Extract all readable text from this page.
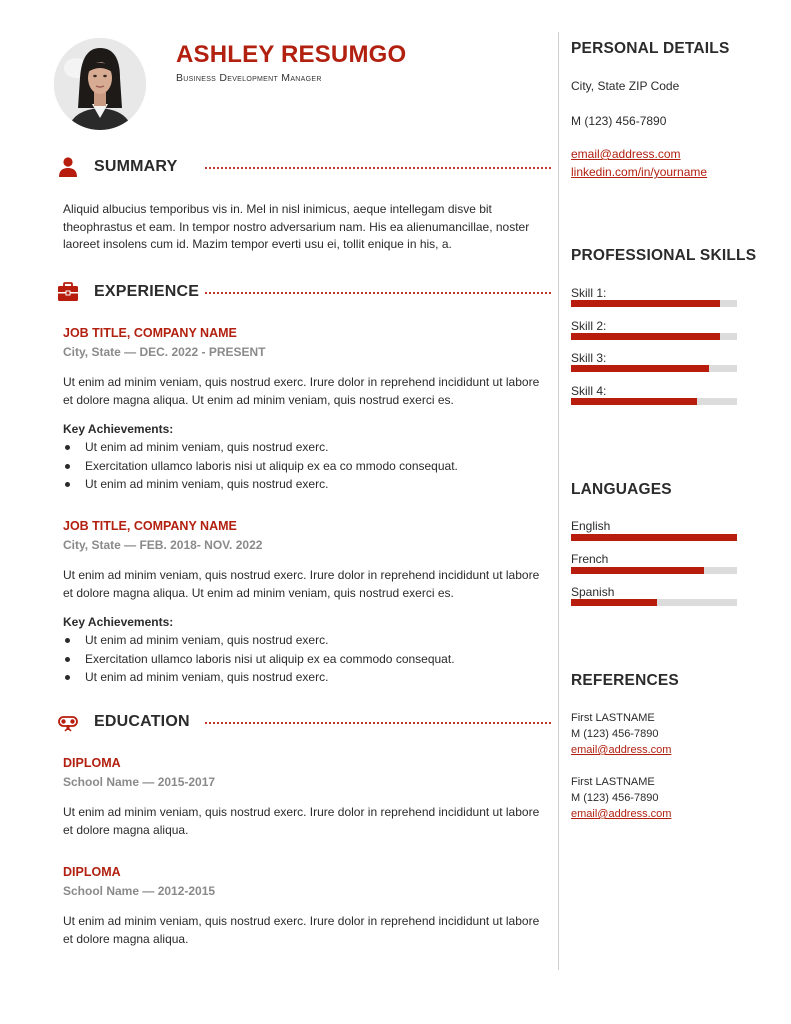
ASHLEY RESUMGO
Business Development Manager
SUMMARY
Aliquid albucius temporibus vis in. Mel in nisl inimicus, aeque intellegam disve bit theophrastus et eam. In tempor nostro adversarium nam. His ea alienumancillae, noster laoreet insolens cum id. Mazim tempor everti usu ei, tollit enique in his, a.
EXPERIENCE
JOB TITLE, COMPANY NAME
City, State — DEC. 2022 - PRESENT
Ut enim ad minim veniam, quis nostrud exerc. Irure dolor in reprehend incididunt ut labore et dolore magna aliqua. Ut enim ad minim veniam, quis nostrud exerci es.
Key Achievements:
Ut enim ad minim veniam, quis nostrud exerc.
Exercitation ullamco laboris nisi ut aliquip ex ea co mmodo consequat.
Ut enim ad minim veniam, quis nostrud exerc.
JOB TITLE, COMPANY NAME
City, State — FEB. 2018- NOV. 2022
Ut enim ad minim veniam, quis nostrud exerc. Irure dolor in reprehend incididunt ut labore et dolore magna aliqua. Ut enim ad minim veniam, quis nostrud exerci es.
Key Achievements:
Ut enim ad minim veniam, quis nostrud exerc.
Exercitation ullamco laboris nisi ut aliquip ex ea commodo consequat.
Ut enim ad minim veniam, quis nostrud exerc.
EDUCATION
DIPLOMA
School Name — 2015-2017
Ut enim ad minim veniam, quis nostrud exerc. Irure dolor in reprehend incididunt ut labore et dolore magna aliqua.
DIPLOMA
School Name — 2012-2015
Ut enim ad minim veniam, quis nostrud exerc. Irure dolor in reprehend incididunt ut labore et dolore magna aliqua.
PERSONAL DETAILS
City, State ZIP Code
M (123) 456-7890
email@address.com
linkedin.com/in/yourname
PROFESSIONAL SKILLS
Skill 1:
Skill 2:
Skill 3:
Skill 4:
LANGUAGES
English
French
Spanish
REFERENCES
First LASTNAME
M (123) 456-7890
email@address.com
First LASTNAME
M (123) 456-7890
email@address.com
